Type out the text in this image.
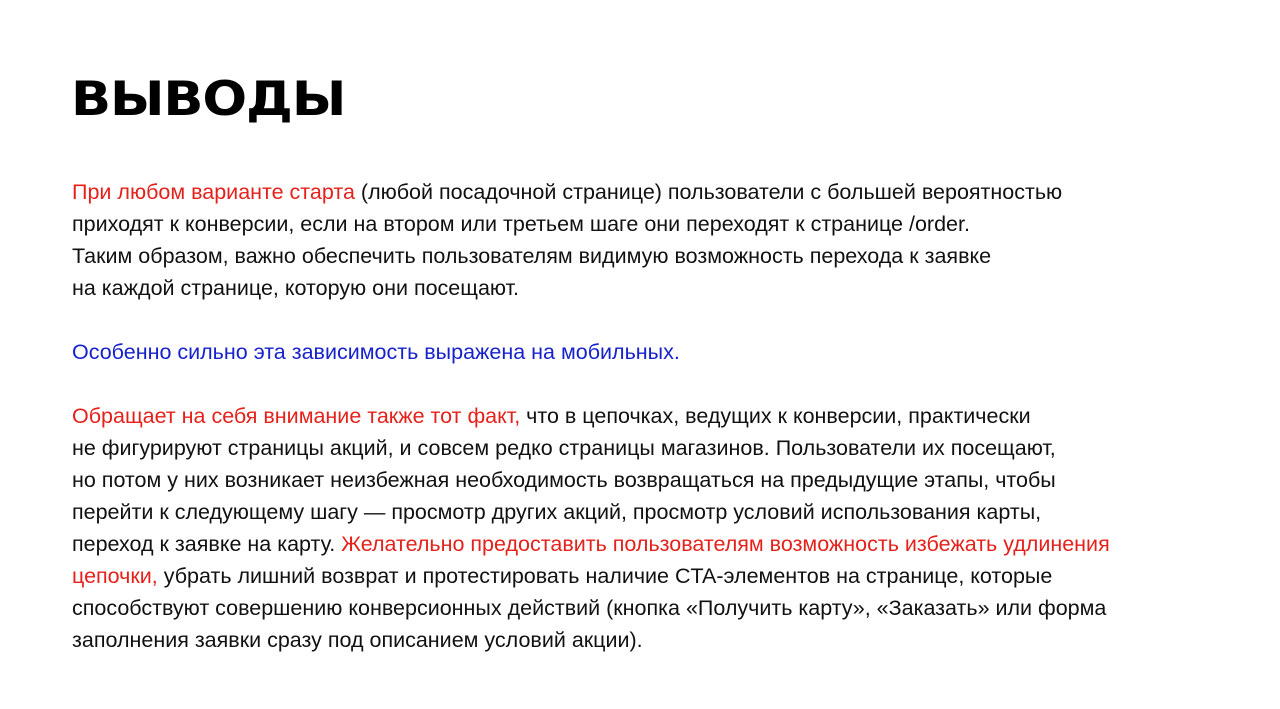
ВЫВОДЫ

При любом варианте старта (любой посадочной странице) пользователи с большей вероятностью
приходят к конверсии, если на втором или третьем шаге они переходят к странице /order.
Таким образом, важно обеспечить пользователям видимую возможность перехода к заявке
на каждой странице, которую они посещают.

Особенно сильно эта зависимость выражена на мобильных.

Обращает на себя внимание также тот факт, что в цепочках, ведущих к конверсии, практически
не фигурируют страницы акций, и совсем редко страницы магазинов. Пользователи их посещают,
но потом у них возникает неизбежная необходимость возвращаться на предыдущие этапы, чтобы
перейти к следующему шагу — просмотр других акций, просмотр условий использования карты,
переход к заявке на карту. Желательно предоставить пользователям возможность избежать удлинения
цепочки, убрать лишний возврат и протестировать наличие CTA-элементов на странице, которые
способствуют совершению конверсионных действий (кнопка «Получить карту», «Заказать» или форма
заполнения заявки сразу под описанием условий акции).
